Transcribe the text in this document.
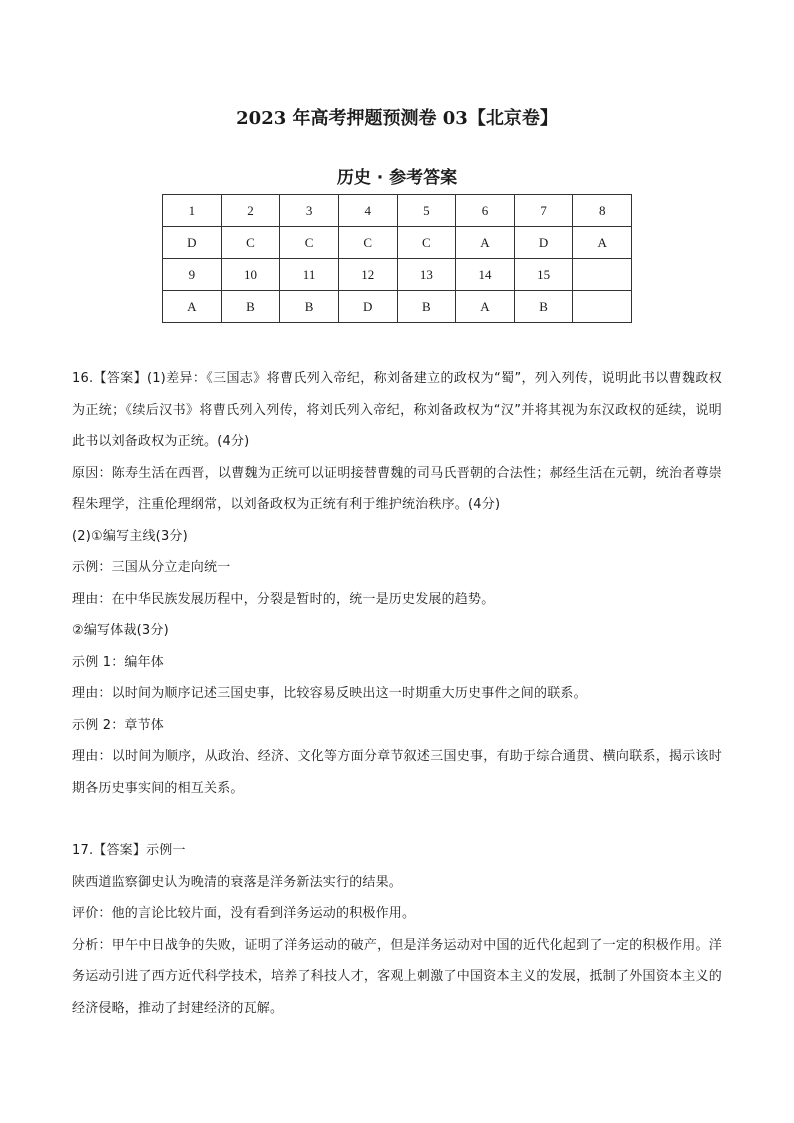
2023 年高考押题预测卷 03【北京卷】
历史 · 参考答案
1	2	3	4	5	6	7	8
D	C	C	C	C	A	D	A
9	10	11	12	13	14	15	
A	B	B	D	B	A	B	

16.【答案】(1)差异：《三国志》将曹氏列入帝纪，称刘备建立的政权为“蜀”，列入列传，说明此书以曹魏政权为正统；《续后汉书》将曹氏列入列传，将刘氏列入帝纪，称刘备政权为“汉”并将其视为东汉政权的延续，说明此书以刘备政权为正统。(4分)

原因：陈寿生活在西晋，以曹魏为正统可以证明接替曹魏的司马氏晋朝的合法性；郝经生活在元朝，统治者尊崇程朱理学，注重伦理纲常，以刘备政权为正统有利于维护统治秩序。(4分)

(2)①编写主线(3分)

示例：三国从分立走向统一

理由：在中华民族发展历程中，分裂是暂时的，统一是历史发展的趋势。

②编写体裁(3分)

示例 1：编年体

理由：以时间为顺序记述三国史事，比较容易反映出这一时期重大历史事件之间的联系。

示例 2：章节体

理由：以时间为顺序，从政治、经济、文化等方面分章节叙述三国史事，有助于综合通贯、横向联系，揭示该时期各历史事实间的相互关系。

17.【答案】示例一

陕西道监察御史认为晚清的衰落是洋务新法实行的结果。

评价：他的言论比较片面，没有看到洋务运动的积极作用。

分析：甲午中日战争的失败，证明了洋务运动的破产，但是洋务运动对中国的近代化起到了一定的积极作用。洋务运动引进了西方近代科学技术，培养了科技人才，客观上刺激了中国资本主义的发展，抵制了外国资本主义的经济侵略，推动了封建经济的瓦解。
